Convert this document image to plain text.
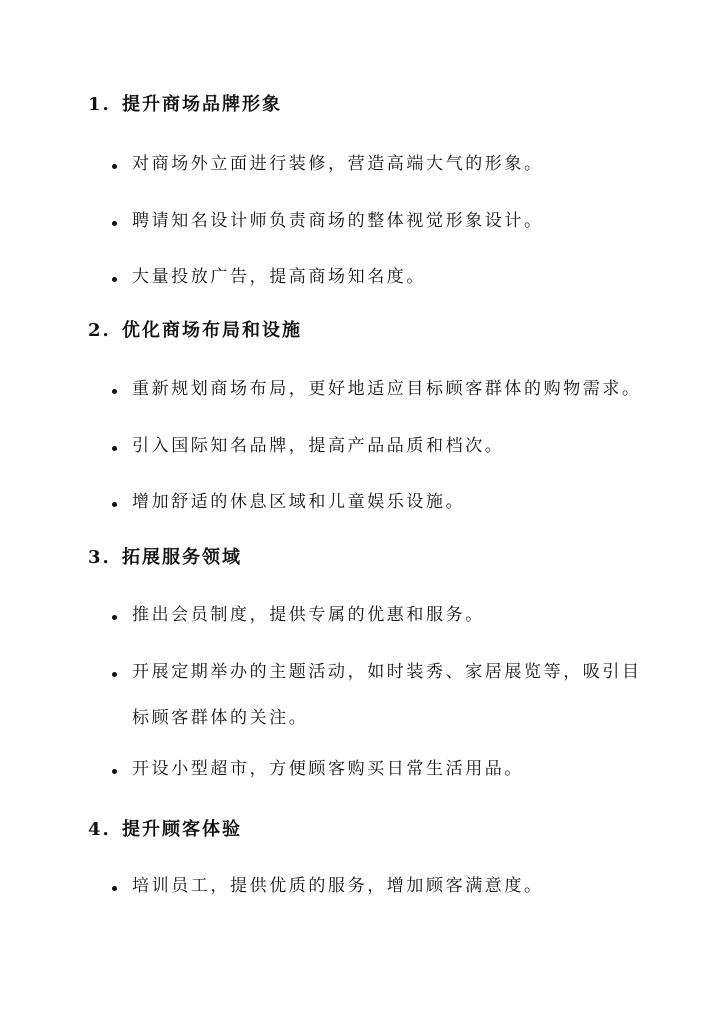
1. 提升商场品牌形象
对商场外立面进行装修，营造高端大气的形象。
聘请知名设计师负责商场的整体视觉形象设计。
大量投放广告，提高商场知名度。
2. 优化商场布局和设施
重新规划商场布局，更好地适应目标顾客群体的购物需求。
引入国际知名品牌，提高产品品质和档次。
增加舒适的休息区域和儿童娱乐设施。
3. 拓展服务领域
推出会员制度，提供专属的优惠和服务。
开展定期举办的主题活动，如时装秀、家居展览等，吸引目
标顾客群体的关注。
开设小型超市，方便顾客购买日常生活用品。
4. 提升顾客体验
培训员工，提供优质的服务，增加顾客满意度。
